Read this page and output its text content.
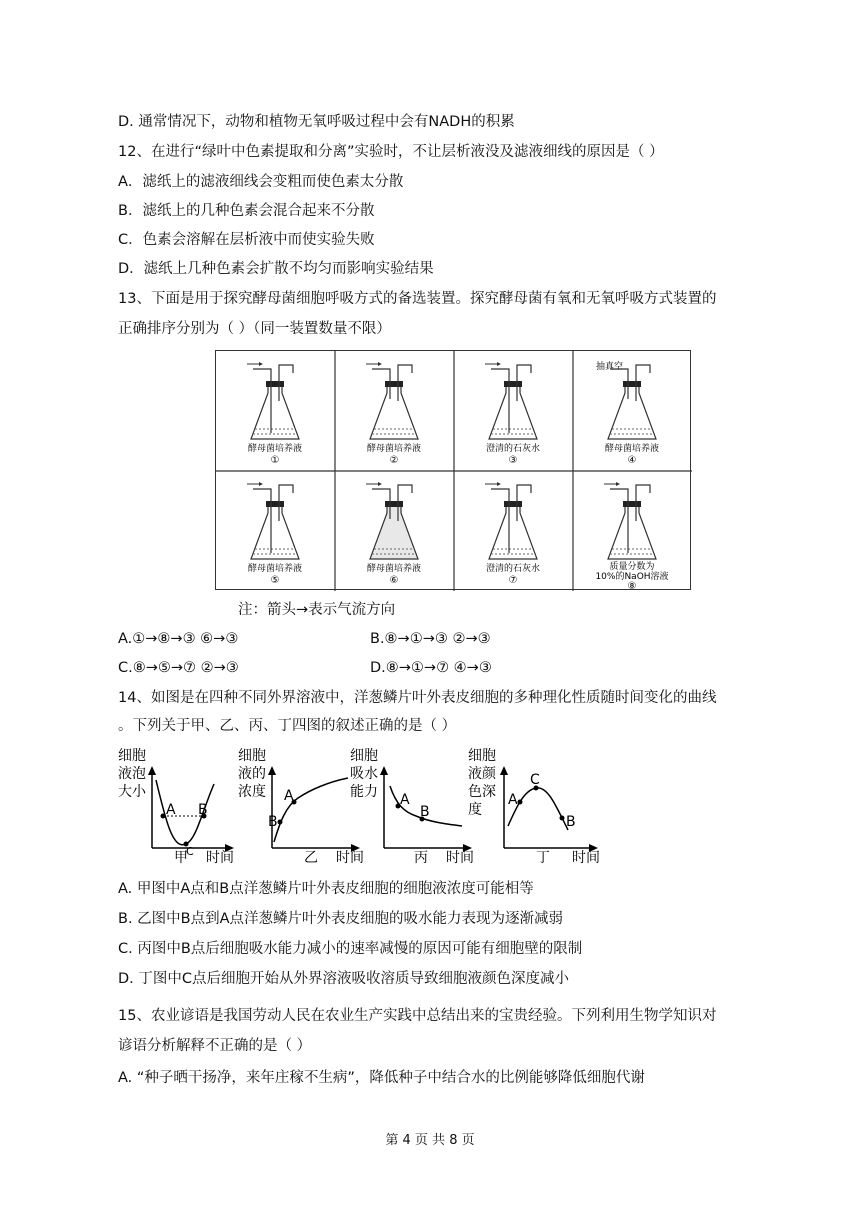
D. 通常情况下，动物和植物无氧呼吸过程中会有NADH的积累
12、在进行“绿叶中色素提取和分离”实验时，不让层析液没及滤液细线的原因是（ ）
A．滤纸上的滤液细线会变粗而使色素太分散
B．滤纸上的几种色素会混合起来不分散
C．色素会溶解在层析液中而使实验失败
D．滤纸上几种色素会扩散不均匀而影响实验结果
13、下面是用于探究酵母菌细胞呼吸方式的备选装置。探究酵母菌有氧和无氧呼吸方式装置的
正确排序分别为（ ）（同一装置数量不限）
酵母菌培养液
①
酵母菌培养液
②
澄清的石灰水
③
抽真空
酵母菌培养液
④
酵母菌培养液
⑤
酵母菌培养液
⑥
澄清的石灰水
⑦
质量分数为
10%的NaOH溶液
⑧
注：箭头→表示气流方向
A.①→⑧→③ ⑥→③	B.⑧→①→③ ②→③
C.⑧→⑤→⑦ ②→③	D.⑧→①→⑦ ④→③
14、如图是在四种不同外界溶液中，洋葱鳞片叶外表皮细胞的多种理化性质随时间变化的曲线
。下列关于甲、乙、丙、丁四图的叙述正确的是（ ）
细胞
液泡
大小
A B
C
甲 时间
细胞
液的
浓度
B
A
乙 时间
细胞
吸水
能力 A
B
丙 时间
细胞
液颜
色深
度
A
C
B
丁 时间
A. 甲图中A点和B点洋葱鳞片叶外表皮细胞的细胞液浓度可能相等
B. 乙图中B点到A点洋葱鳞片叶外表皮细胞的吸水能力表现为逐渐减弱
C. 丙图中B点后细胞吸水能力减小的速率减慢的原因可能有细胞壁的限制
D. 丁图中C点后细胞开始从外界溶液吸收溶质导致细胞液颜色深度减小
15、农业谚语是我国劳动人民在农业生产实践中总结出来的宝贵经验。下列利用生物学知识对
谚语分析解释不正确的是（ ）
A. “种子晒干扬净，来年庄稼不生病”，降低种子中结合水的比例能够降低细胞代谢
第 4 页 共 8 页
